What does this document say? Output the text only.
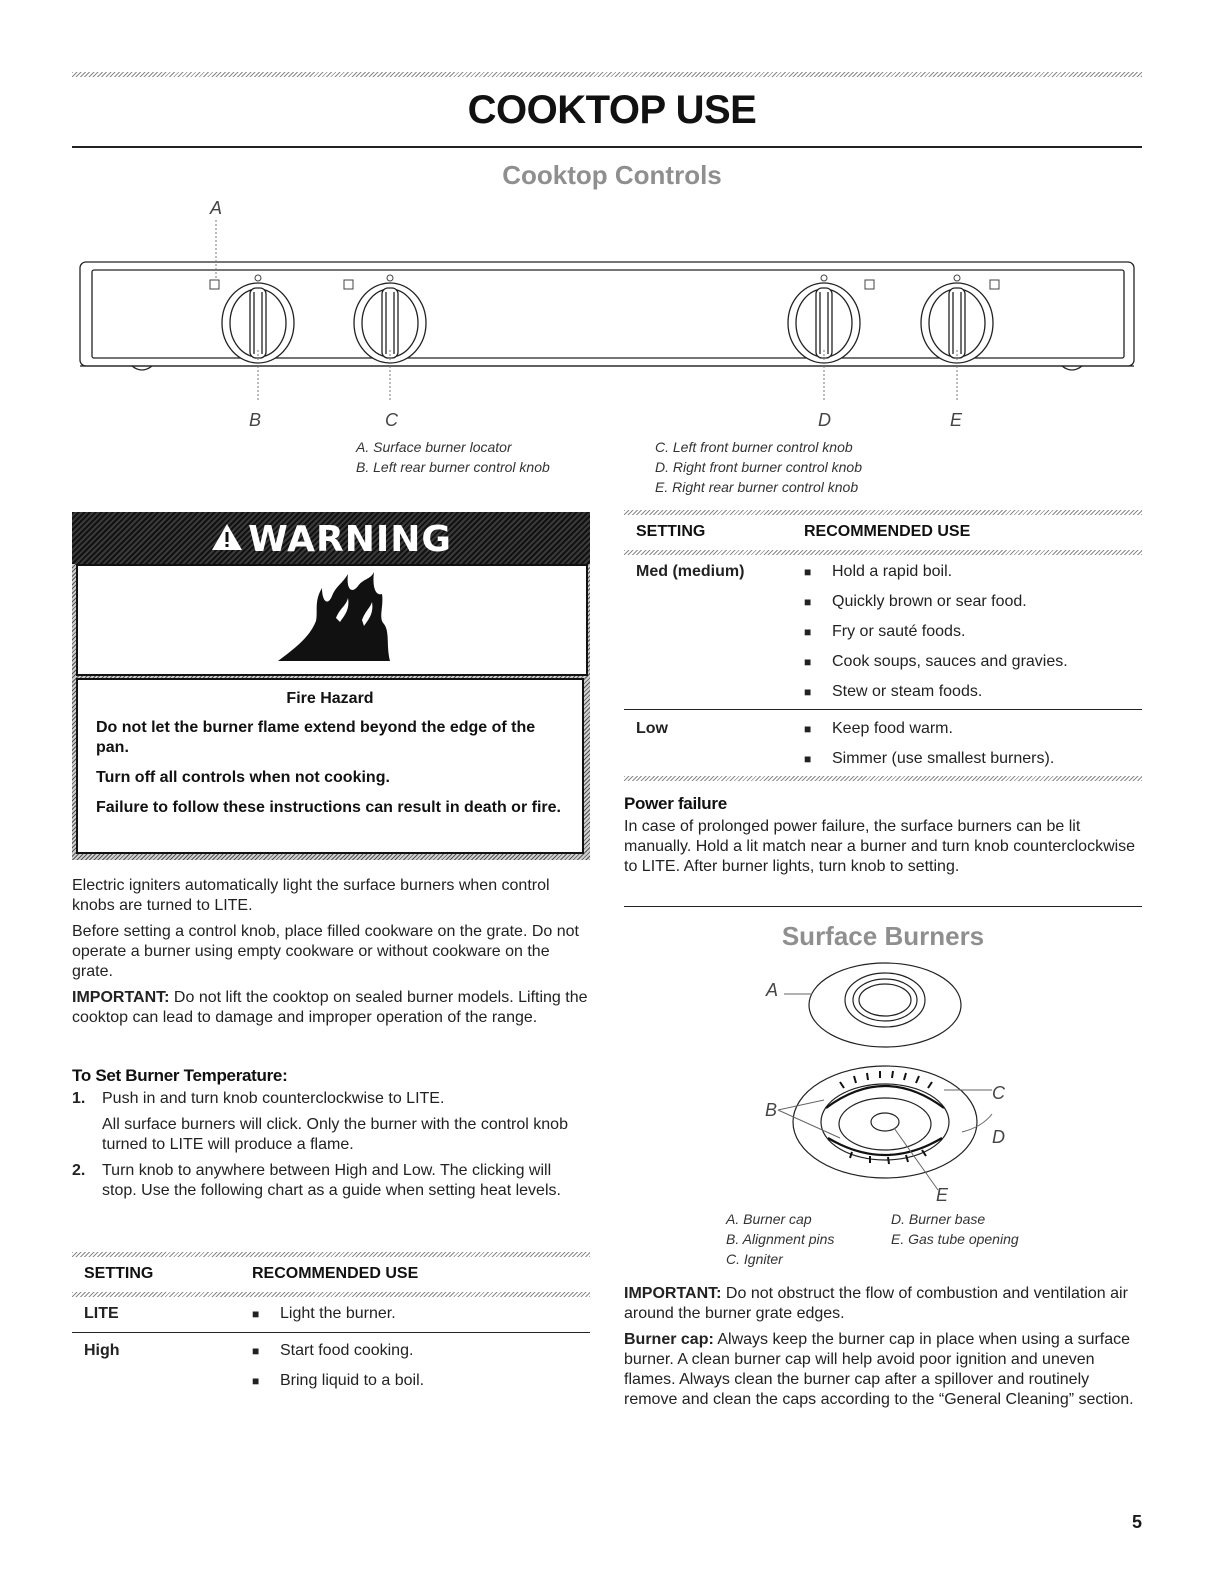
COOKTOP USE
Cooktop Controls
A
B	C	D	E
A. Surface burner locator
B. Left rear burner control knob
C. Left front burner control knob
D. Right front burner control knob
E. Right rear burner control knob
WARNING
Fire Hazard

Do not let the burner flame extend beyond the edge of the pan.

Turn off all controls when not cooking.

Failure to follow these instructions can result in death or fire.

Electric igniters automatically light the surface burners when control knobs are turned to LITE.

Before setting a control knob, place filled cookware on the grate. Do not operate a burner using empty cookware or without cookware on the grate.

IMPORTANT: Do not lift the cooktop on sealed burner models. Lifting the cooktop can lead to damage and improper operation of the range.

To Set Burner Temperature:
1. Push in and turn knob counterclockwise to LITE.
All surface burners will click. Only the burner with the control knob turned to LITE will produce a flame.
2. Turn knob to anywhere between High and Low. The clicking will stop. Use the following chart as a guide when setting heat levels.
SETTING	RECOMMENDED USE
LITE	■ Light the burner.
High	■ Start food cooking.
■ Bring liquid to a boil.
SETTING	RECOMMENDED USE
Med (medium)	■ Hold a rapid boil.
■ Quickly brown or sear food.
■ Fry or sauté foods.
■ Cook soups, sauces and gravies.
■ Stew or steam foods.
Low	■ Keep food warm.
■ Simmer (use smallest burners).
Power failure
In case of prolonged power failure, the surface burners can be lit manually. Hold a lit match near a burner and turn knob counterclockwise to LITE. After burner lights, turn knob to setting.
Surface Burners
A
B
C
D
E
A. Burner cap
B. Alignment pins
C. Igniter
D. Burner base
E. Gas tube opening

IMPORTANT: Do not obstruct the flow of combustion and ventilation air around the burner grate edges.

Burner cap: Always keep the burner cap in place when using a surface burner. A clean burner cap will help avoid poor ignition and uneven flames. Always clean the burner cap after a spillover and routinely remove and clean the caps according to the “General Cleaning” section.

5
